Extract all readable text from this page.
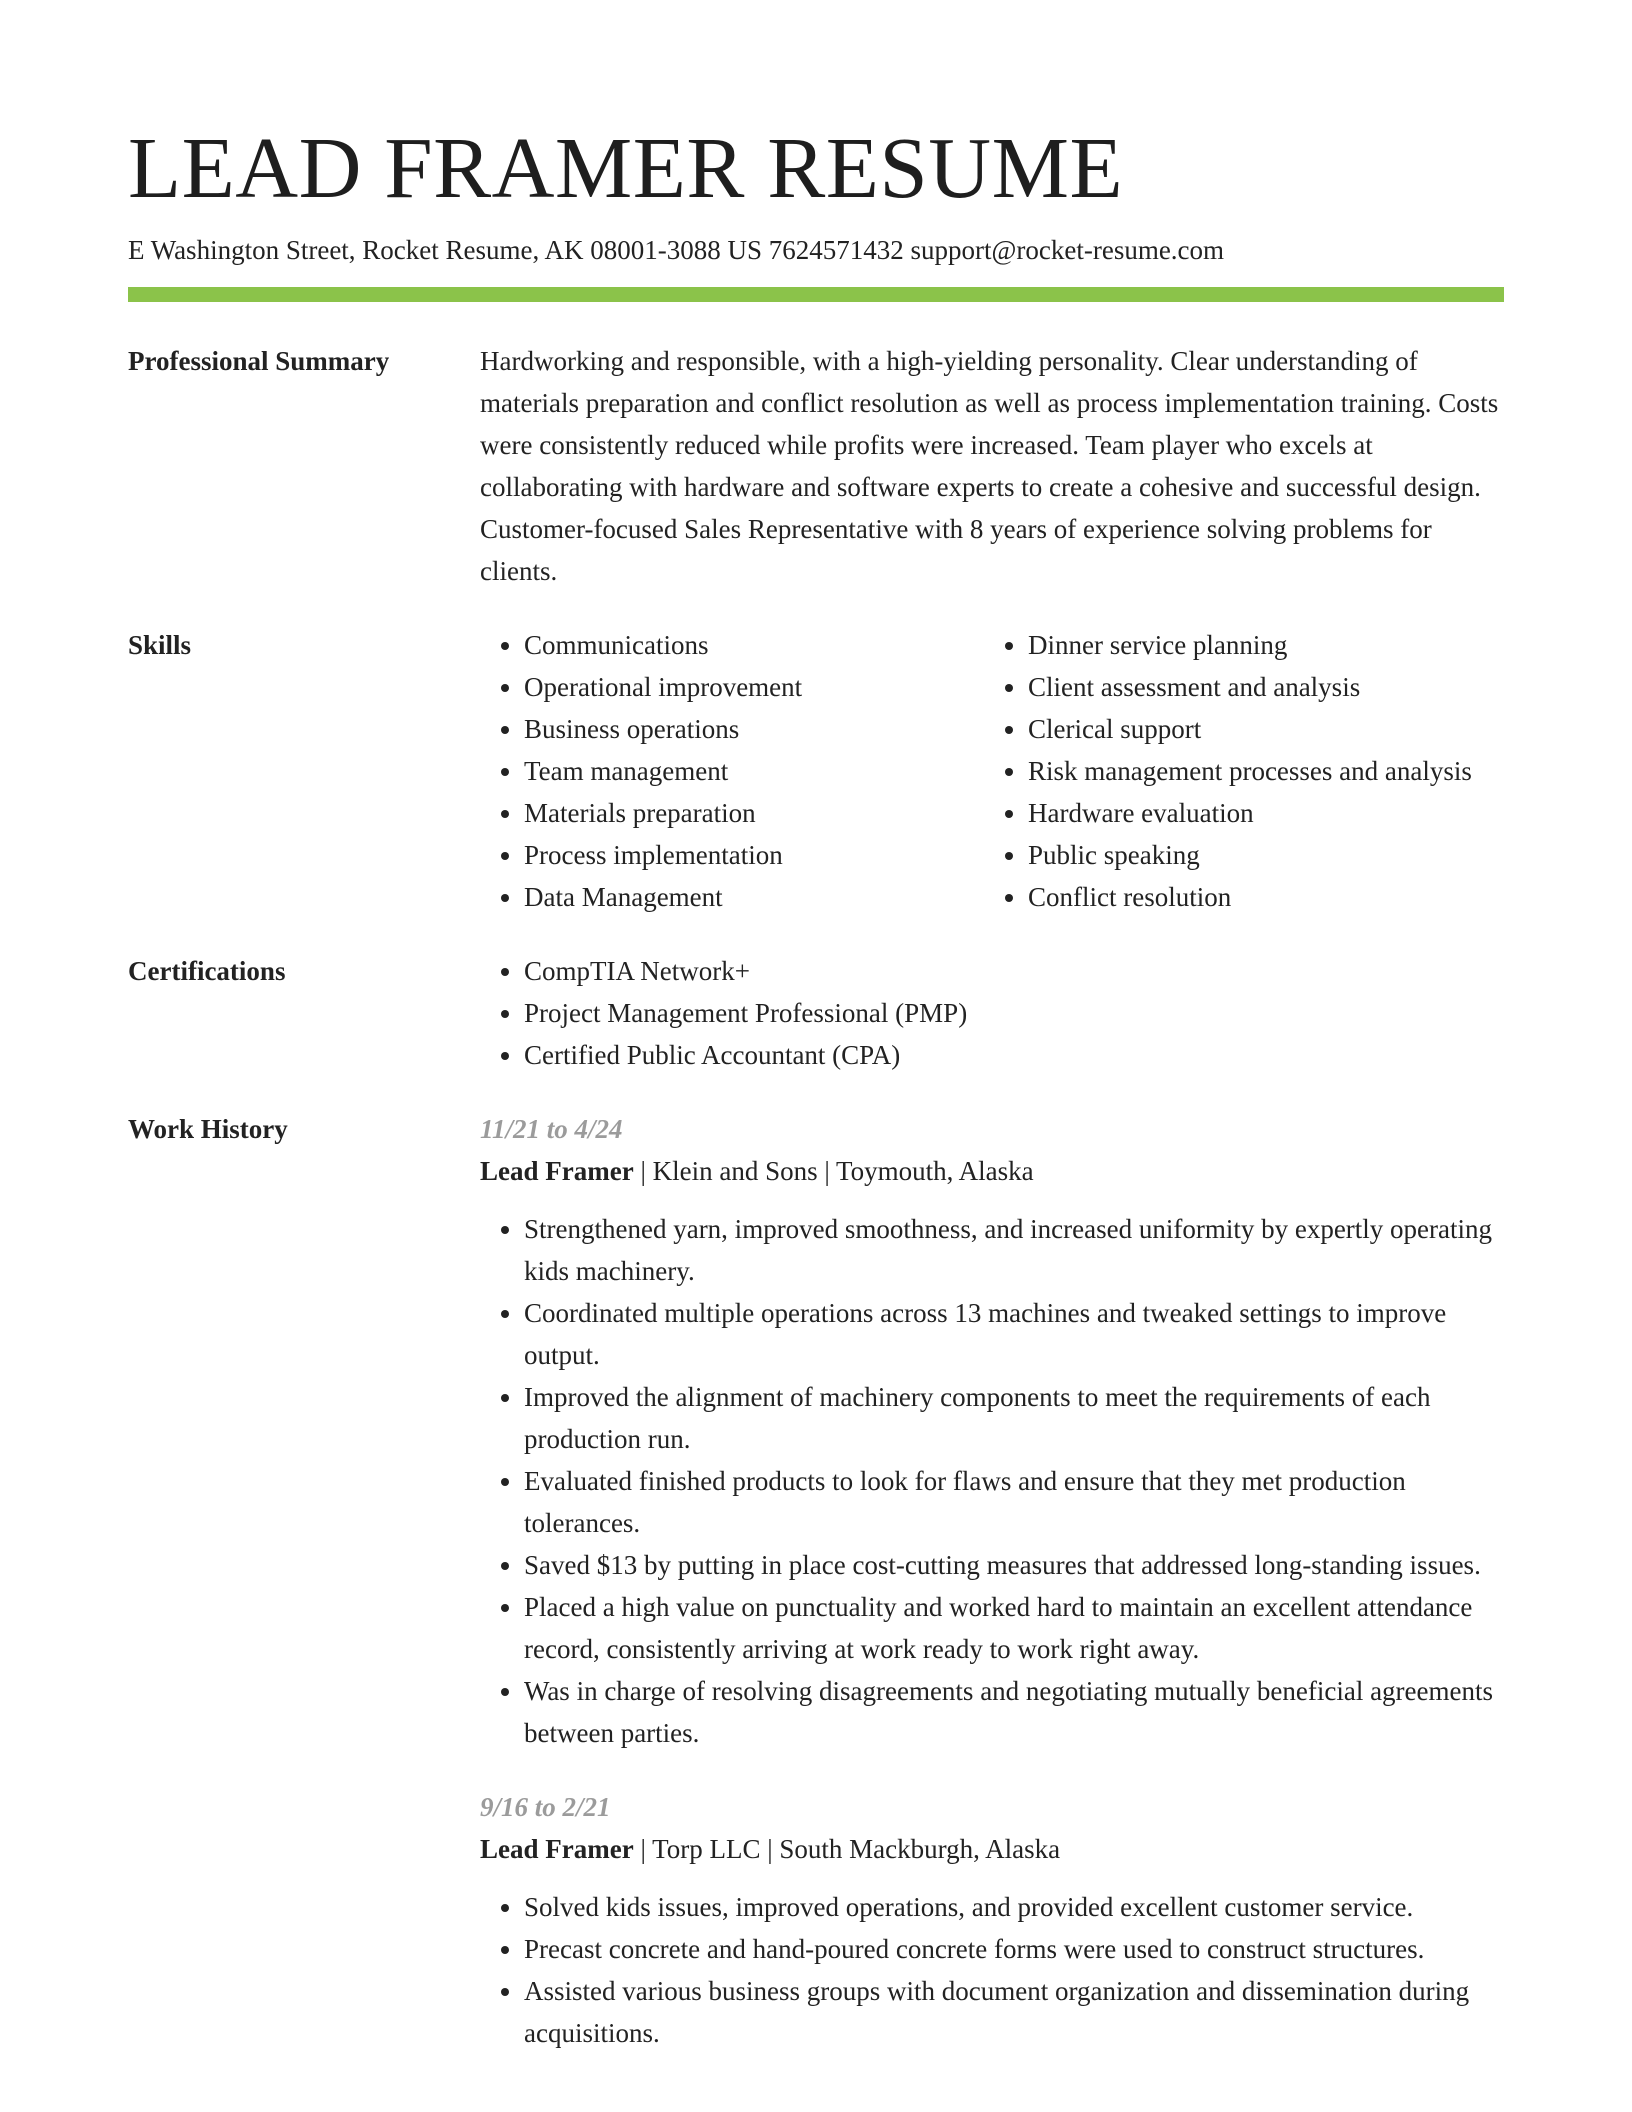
LEAD FRAMER RESUME
E Washington Street, Rocket Resume, AK 08001-3088 US 7624571432 support@rocket-resume.com
Professional Summary	Hardworking and responsible, with a high-yielding personality. Clear understanding of materials preparation and conflict resolution as well as process implementation training. Costs were consistently reduced while profits were increased. Team player who excels at collaborating with hardware and software experts to create a cohesive and successful design. Customer-focused Sales Representative with 8 years of experience solving problems for clients.

Skills	• Communications
• Operational improvement
• Business operations
• Team management
• Materials preparation
• Process implementation
• Data Management
• Dinner service planning
• Client assessment and analysis
• Clerical support
• Risk management processes and analysis
• Hardware evaluation
• Public speaking
• Conflict resolution
Certifications	• CompTIA Network+
• Project Management Professional (PMP)
• Certified Public Accountant (CPA)
Work History	11/21 to 4/24
Lead Framer | Klein and Sons | Toymouth, Alaska
• Strengthened yarn, improved smoothness, and increased uniformity by expertly operating kids machinery.
• Coordinated multiple operations across 13 machines and tweaked settings to improve output.
• Improved the alignment of machinery components to meet the requirements of each production run.
• Evaluated finished products to look for flaws and ensure that they met production tolerances.
• Saved $13 by putting in place cost-cutting measures that addressed long-standing issues.
• Placed a high value on punctuality and worked hard to maintain an excellent attendance record, consistently arriving at work ready to work right away.
• Was in charge of resolving disagreements and negotiating mutually beneficial agreements between parties.
9/16 to 2/21
Lead Framer | Torp LLC | South Mackburgh, Alaska
• Solved kids issues, improved operations, and provided excellent customer service.
• Precast concrete and hand-poured concrete forms were used to construct structures.
• Assisted various business groups with document organization and dissemination during acquisitions.
